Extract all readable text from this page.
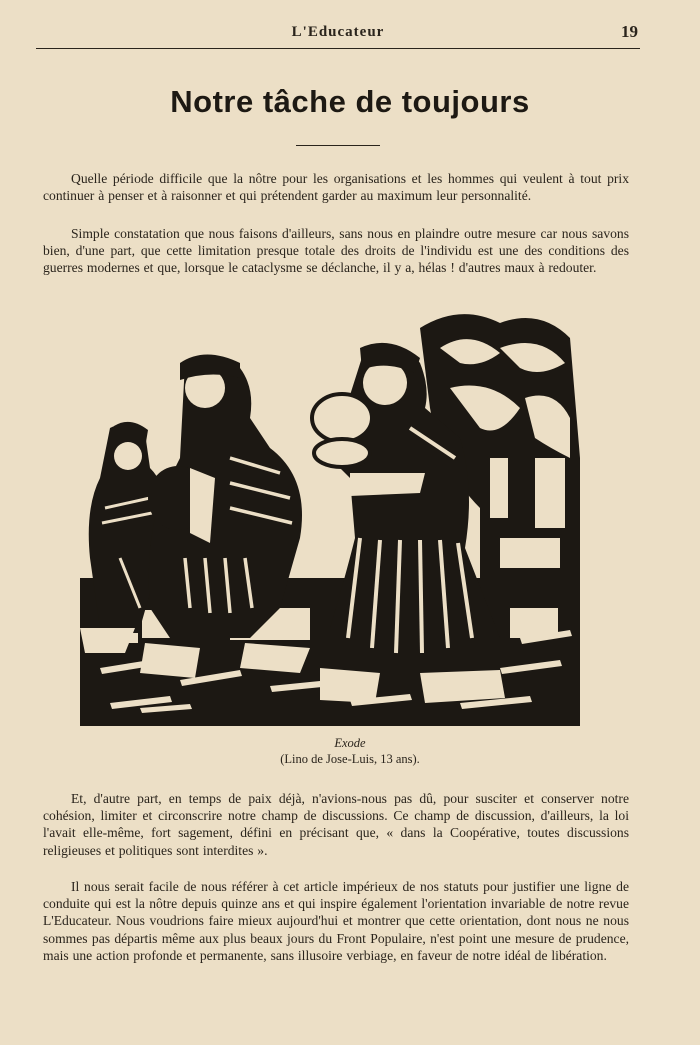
L'Educateur	19
Notre tâche de toujours

Quelle période difficile que la nôtre pour les organisations et les hommes qui veulent à tout prix continuer à penser et à raisonner et qui prétendent garder au maximum leur personnalité.

Simple constatation que nous faisons d'ailleurs, sans nous en plaindre outre mesure car nous savons bien, d'une part, que cette limitation presque totale des droits de l'individu est une des conditions des guerres modernes et que, lorsque le cataclysme se déclanche, il y a, hélas ! d'autres maux à redouter.

Exode
(Lino de Jose-Luis, 13 ans).

Et, d'autre part, en temps de paix déjà, n'avions-nous pas dû, pour susciter et conserver notre cohésion, limiter et circonscrire notre champ de discussions. Ce champ de discussion, d'ailleurs, la loi l'avait elle-même, fort sagement, défini en précisant que, « dans la Coopérative, toutes discussions religieuses et politiques sont interdites ».

Il nous serait facile de nous référer à cet article impérieux de nos statuts pour justifier une ligne de conduite qui est la nôtre depuis quinze ans et qui inspire également l'orientation invariable de notre revue L'Educateur. Nous voudrions faire mieux aujourd'hui et montrer que cette orientation, dont nous ne nous sommes pas départis même aux plus beaux jours du Front Populaire, n'est point une mesure de prudence, mais une action profonde et permanente, sans illusoire verbiage, en faveur de notre idéal de libération.
